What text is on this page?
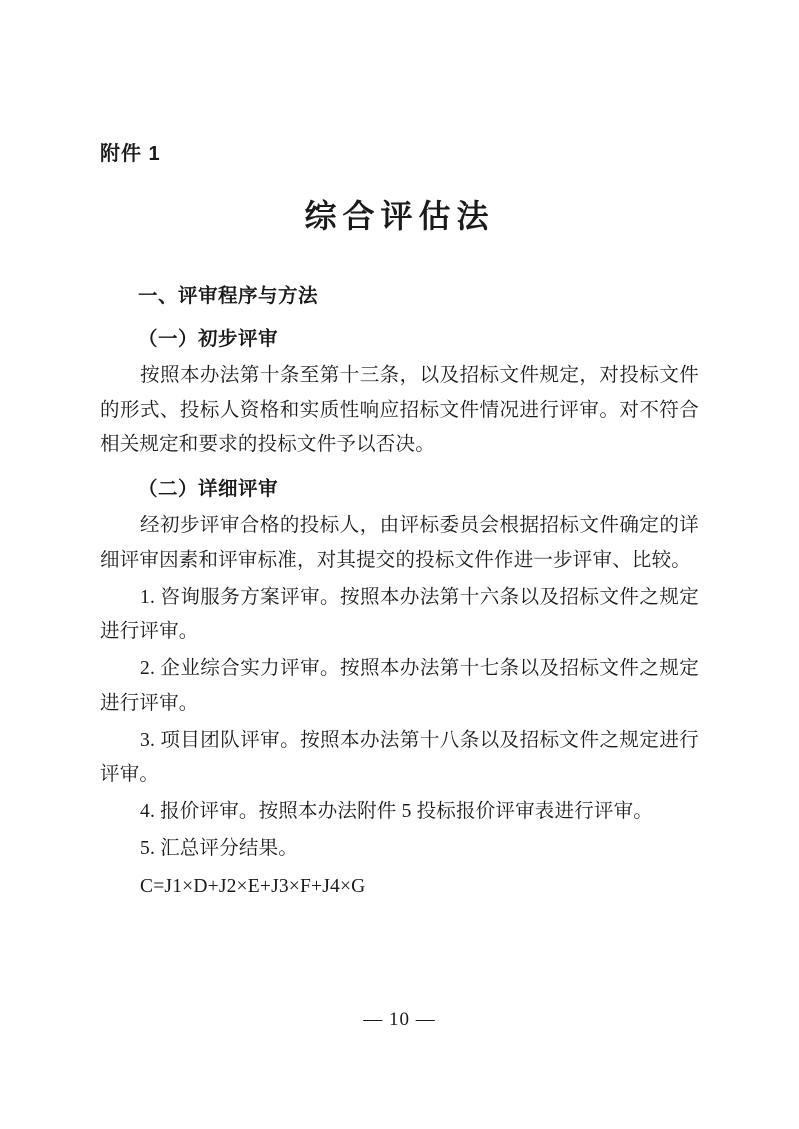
附件 1
综合评估法
一、评审程序与方法
（一）初步评审

按照本办法第十条至第十三条，以及招标文件规定，对投标文件的形式、投标人资格和实质性响应招标文件情况进行评审。对不符合相关规定和要求的投标文件予以否决。

（二）详细评审

经初步评审合格的投标人，由评标委员会根据招标文件确定的详细评审因素和评审标准，对其提交的投标文件作进一步评审、比较。

1. 咨询服务方案评审。按照本办法第十六条以及招标文件之规定进行评审。

2. 企业综合实力评审。按照本办法第十七条以及招标文件之规定进行评审。

3. 项目团队评审。按照本办法第十八条以及招标文件之规定进行评审。

4. 报价评审。按照本办法附件 5 投标报价评审表进行评审。

5. 汇总评分结果。

C=J1×D+J2×E+J3×F+J4×G

— 10 —
